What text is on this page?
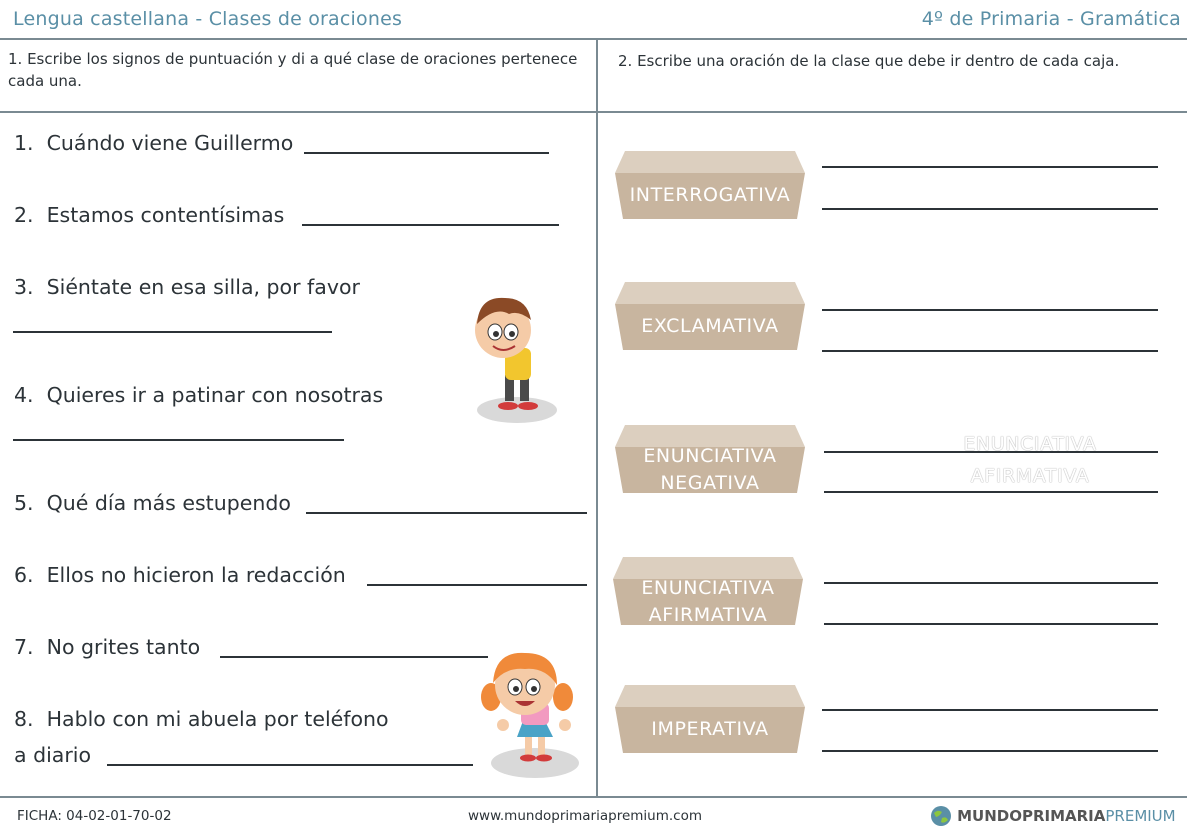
Lengua castellana - Clases de oraciones	4º de Primaria - Gramática
1. Escribe los signos de puntuación y di a qué clase de oraciones pertenece cada una.
2. Escribe una oración de la clase que debe ir dentro de cada caja.
1. Cuándo viene Guillermo
2. Estamos contentísimas
3. Siéntate en esa silla, por favor
4. Quieres ir a patinar con nosotras
5. Qué día más estupendo
6. Ellos no hicieron la redacción
7. No grites tanto
8. Hablo con mi abuela por teléfono
a diario
INTERROGATIVA
EXCLAMATIVA
ENUNCIATIVA
NEGATIVA
ENUNCIATIVA
AFIRMATIVA
ENUNCIATIVA
AFIRMATIVA
IMPERATIVA
FICHA: 04-02-01-70-02	www.mundoprimariapremium.com	MUNDOPRIMARIAPREMIUM
